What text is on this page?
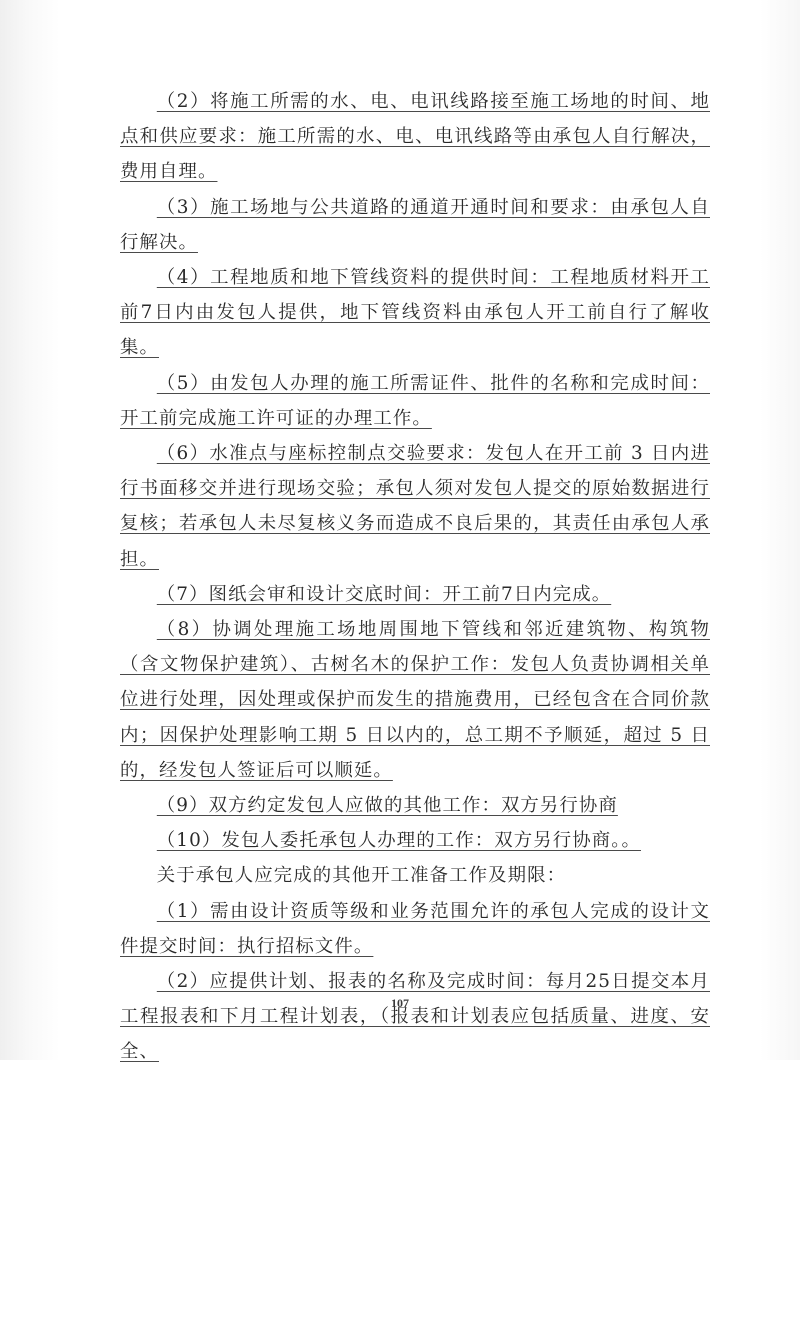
（2）将施工所需的水、电、电讯线路接至施工场地的时间、地点和供应要求：施工所需的水、电、电讯线路等由承包人自行解决，费用自理。

（3）施工场地与公共道路的通道开通时间和要求：由承包人自行解决。

（4）工程地质和地下管线资料的提供时间：工程地质材料开工前7日内由发包人提供，地下管线资料由承包人开工前自行了解收集。

（5）由发包人办理的施工所需证件、批件的名称和完成时间：开工前完成施工许可证的办理工作。

（6）水准点与座标控制点交验要求：发包人在开工前 3 日内进行书面移交并进行现场交验；承包人须对发包人提交的原始数据进行复核；若承包人未尽复核义务而造成不良后果的，其责任由承包人承担。

（7）图纸会审和设计交底时间：开工前7日内完成。

（8）协调处理施工场地周围地下管线和邻近建筑物、构筑物（含文物保护建筑）、古树名木的保护工作：发包人负责协调相关单位进行处理，因处理或保护而发生的措施费用，已经包含在合同价款内；因保护处理影响工期 5 日以内的，总工期不予顺延，超过 5 日的，经发包人签证后可以顺延。

（9）双方约定发包人应做的其他工作：双方另行协商

（10）发包人委托承包人办理的工作：双方另行协商。。

关于承包人应完成的其他开工准备工作及期限：

（1）需由设计资质等级和业务范围允许的承包人完成的设计文件提交时间：执行招标文件。

（2）应提供计划、报表的名称及完成时间：每月25日提交本月工程报表和下月工程计划表，（报表和计划表应包括质量、进度、安全、

107
